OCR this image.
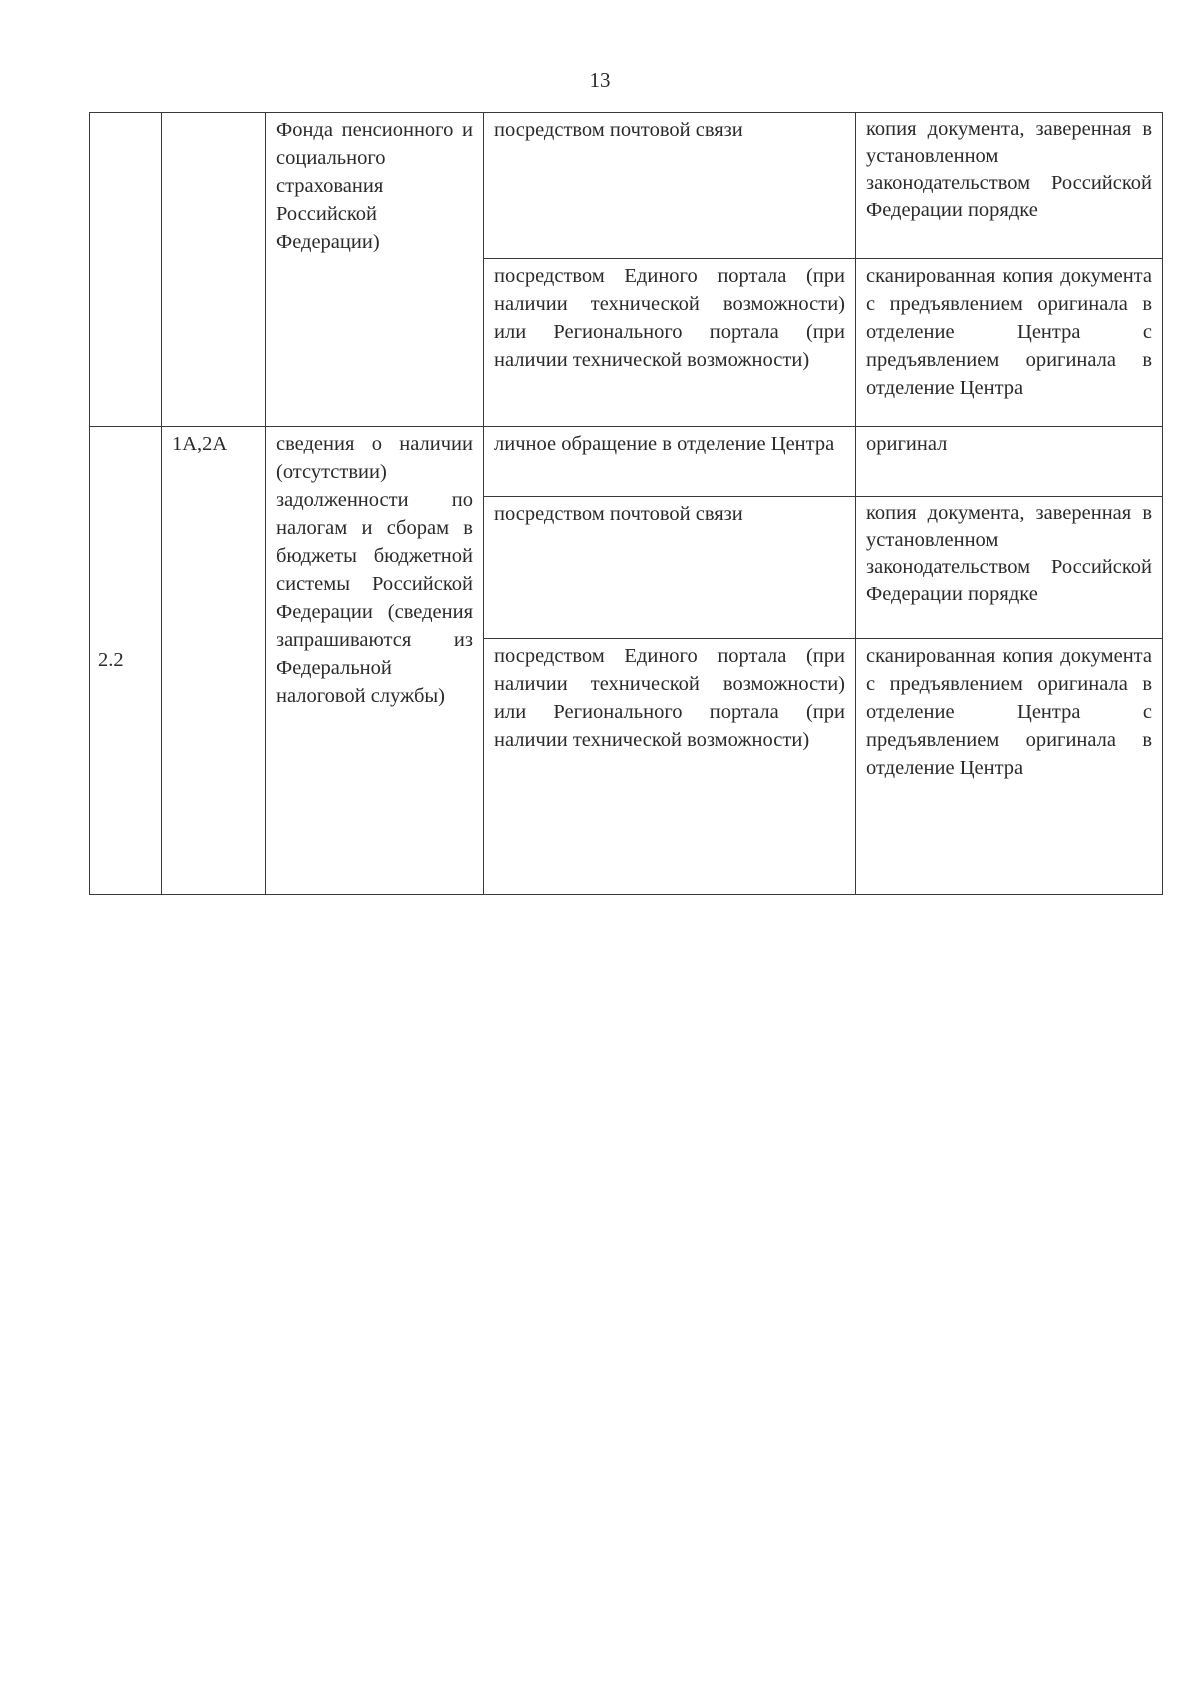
13
		Фонда пенсионного и социального страхования Российской Федерации)	посредством почтовой связи	копия документа, заверенная в установленном законодательством Российской Федерации порядке
			посредством Единого портала (при наличии технической возможности) или Регионального портала (при наличии технической возможности)	сканированная копия документа с предъявлением оригинала в отделение Центра с предъявлением оригинала в отделение Центра
2.2	1А,2А	сведения о наличии (отсутствии) задолженности по налогам и сборам в бюджеты бюджетной системы Российской Федерации (сведения запрашиваются из Федеральной налоговой службы)	личное обращение в отделение Центра	оригинал
			посредством почтовой связи	копия документа, заверенная в установленном законодательством Российской Федерации порядке
			посредством Единого портала (при наличии технической возможности) или Регионального портала (при наличии технической возможности)	сканированная копия документа с предъявлением оригинала в отделение Центра с предъявлением оригинала в отделение Центра
